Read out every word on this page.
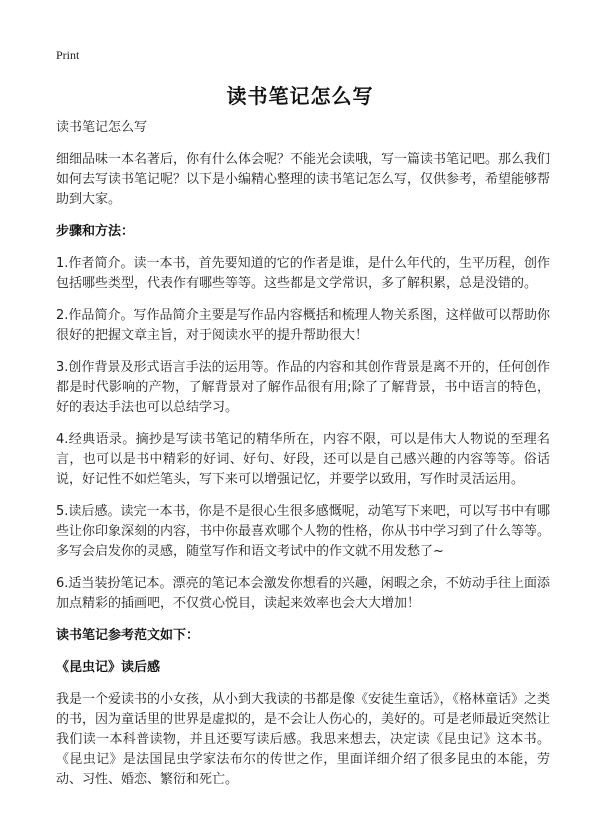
Print
读书笔记怎么写

读书笔记怎么写

细细品味一本名著后，你有什么体会呢？不能光会读哦，写一篇读书笔记吧。那么我们如何去写读书笔记呢？以下是小编精心整理的读书笔记怎么写，仅供参考，希望能够帮助到大家。

步骤和方法：

1.作者简介。读一本书，首先要知道的它的作者是谁，是什么年代的，生平历程，创作包括哪些类型，代表作有哪些等等。这些都是文学常识，多了解积累，总是没错的。

2.作品简介。写作品简介主要是写作品内容概括和梳理人物关系图，这样做可以帮助你很好的把握文章主旨，对于阅读水平的提升帮助很大！

3.创作背景及形式语言手法的运用等。作品的内容和其创作背景是离不开的，任何创作都是时代影响的产物，了解背景对了解作品很有用;除了了解背景，书中语言的特色，好的表达手法也可以总结学习。

4.经典语录。摘抄是写读书笔记的精华所在，内容不限，可以是伟大人物说的至理名言，也可以是书中精彩的好词、好句、好段，还可以是自己感兴趣的内容等等。俗话说，好记性不如烂笔头，写下来可以增强记忆，并要学以致用，写作时灵活运用。

5.读后感。读完一本书，你是不是很心生很多感慨呢，动笔写下来吧，可以写书中有哪些让你印象深刻的内容，书中你最喜欢哪个人物的性格，你从书中学习到了什么等等。多写会启发你的灵感，随堂写作和语文考试中的作文就不用发愁了~

6.适当装扮笔记本。漂亮的笔记本会激发你想看的兴趣，闲暇之余，不妨动手往上面添加点精彩的插画吧，不仅赏心悦目，读起来效率也会大大增加！

读书笔记参考范文如下：

《昆虫记》读后感

我是一个爱读书的小女孩，从小到大我读的书都是像《安徒生童话》，《格林童话》之类的书，因为童话里的世界是虚拟的，是不会让人伤心的，美好的。可是老师最近突然让我们读一本科普读物，并且还要写读后感。我思来想去，决定读《昆虫记》这本书。《昆虫记》是法国昆虫学家法布尔的传世之作，里面详细介绍了很多昆虫的本能，劳动、习性、婚恋、繁衍和死亡。
